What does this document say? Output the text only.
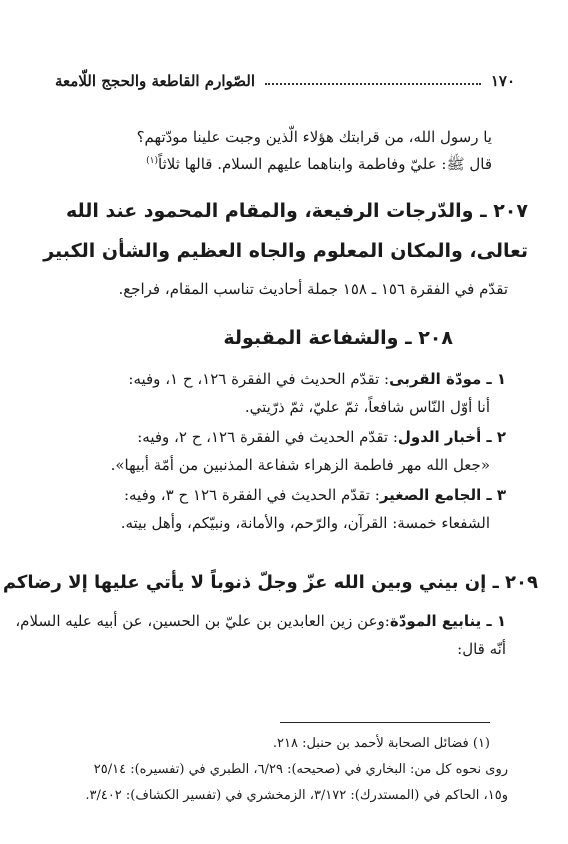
١٧٠
الصّوارم القاطعة والحجج اللّامعة
يا رسول الله، من قرابتك هؤلاء الّذين وجبت علينا مودّتهم؟
قال ﷺ: عليّ وفاطمة وابناهما عليهم السلام. قالها ثلاثاً$^{(١)}$
٢٠٧ ـ والدّرجات الرفيعة، والمقام المحمود عند الله
تعالى، والمكان المعلوم والجاه العظيم والشأن الكبير
تقدّم في الفقرة ١٥٦ ـ ١٥٨ جملة أحاديث تناسب المقام، فراجع.
٢٠٨ ـ والشفاعة المقبولة
١ ـ مودّة القربى: تقدّم الحديث في الفقرة ١٢٦، ح ١، وفيه:
أنا أوّل النّاس شافعاً، ثمّ عليّ، ثمّ ذرّيتي.
٢ ـ أخبار الدول: تقدّم الحديث في الفقرة ١٢٦، ح ٢، وفيه:
«جعل الله مهر فاطمة الزهراء شفاعة المذنبين من أمّة أبيها».
٣ ـ الجامع الصغير: تقدّم الحديث في الفقرة ١٢٦ ح ٣، وفيه:
الشفعاء خمسة: القرآن، والرّحم، والأمانة، ونبيّكم، وأهل بيته.
٢٠٩ ـ إن بيني وبين الله عزّ وجلّ ذنوباً لا يأتي عليها إلا رضاكم
١ ـ ينابيع المودّة:وعن زين العابدين بن عليّ بن الحسين، عن أبيه عليه السلام،
أنّه قال:
(١) فضائل الصحابة لأحمد بن حنبل: ٢١٨.
روى نحوه كل من: البخاري في (صحيحه): ٦/٢٩، الطبري في (تفسيره): ٢٥/١٤
و١٥، الحاكم في (المستدرك): ٣/١٧٢، الزمخشري في (تفسير الكشاف): ٣/٤٠٢.
